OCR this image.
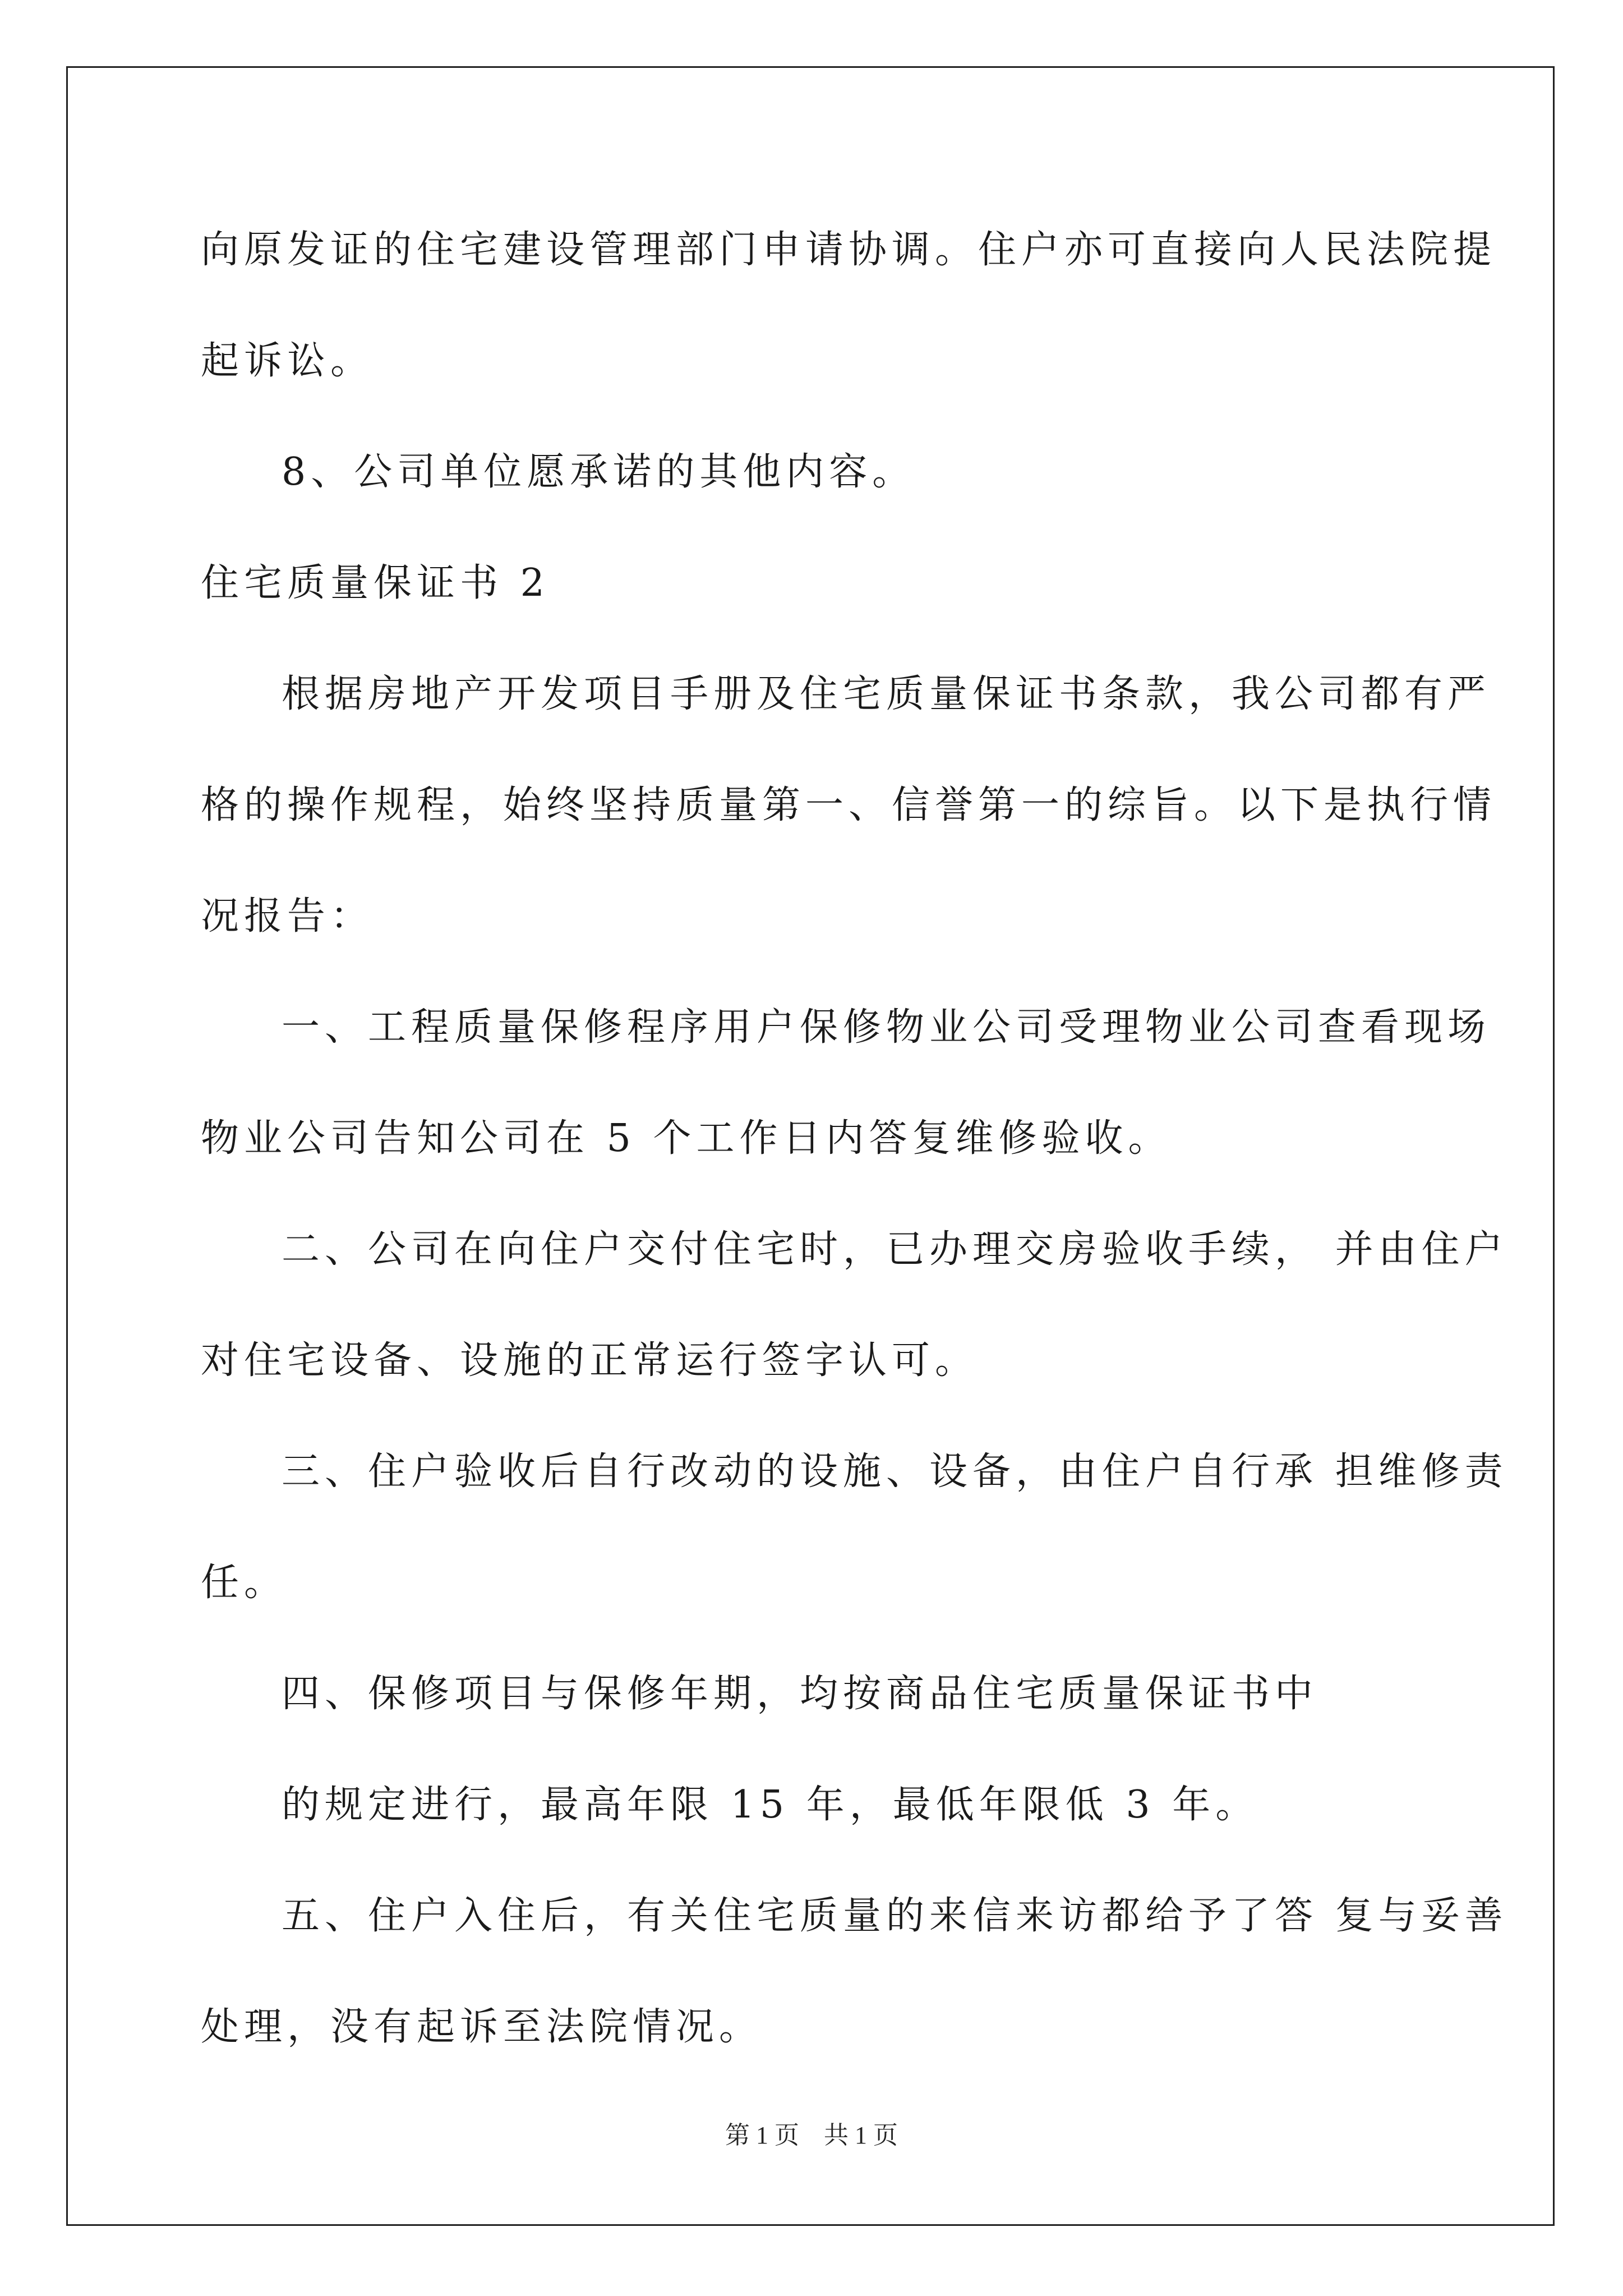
向原发证的住宅建设管理部门申请协调。住户亦可直接向人民法院提
起诉讼。
8、公司单位愿承诺的其他内容。
住宅质量保证书 2
根据房地产开发项目手册及住宅质量保证书条款，我公司都有严
格的操作规程，始终坚持质量第一、信誉第一的综旨。以下是执行情
况报告：
一、工程质量保修程序用户保修物业公司受理物业公司查看现场
物业公司告知公司在 5 个工作日内答复维修验收。
二、公司在向住户交付住宅时，已办理交房验收手续， 并由住户
对住宅设备、设施的正常运行签字认可。
三、住户验收后自行改动的设施、设备，由住户自行承 担维修责
任。
四、保修项目与保修年期，均按商品住宅质量保证书中
的规定进行，最高年限 15 年，最低年限低 3 年。
五、住户入住后，有关住宅质量的来信来访都给予了答 复与妥善
处理，没有起诉至法院情况。
第 1 页    共 1 页
